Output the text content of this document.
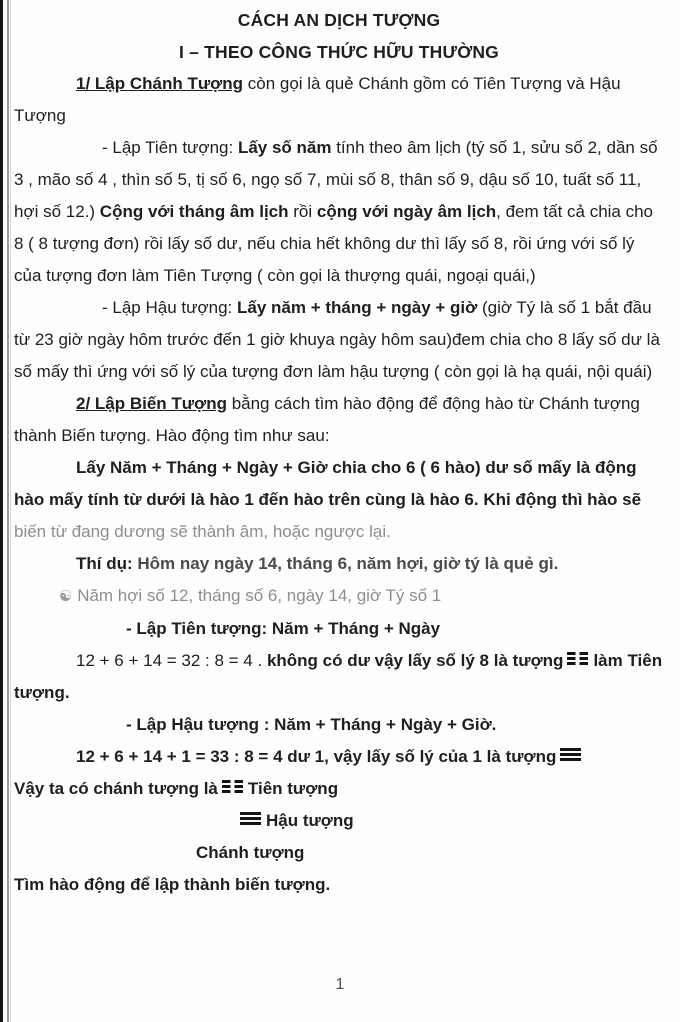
CÁCH AN DỊCH TƯỢNG
I – THEO CÔNG THỨC HỮU THƯỜNG

1/ Lập Chánh Tượng còn gọi là quẻ Chánh gồm có Tiên Tượng và Hậu Tượng

- Lập Tiên tượng: Lấy số năm tính theo âm lịch (tý số 1, sửu số 2, dần số 3 , mão số 4 , thìn số 5, tị số 6, ngọ số 7, mùi số 8, thân số 9, dậu số 10, tuất số 11, hợi số 12.) Cộng với tháng âm lịch rồi cộng với ngày âm lịch, đem tất cả chia cho 8 ( 8 tượng đơn) rồi lấy số dư, nếu chia hết không dư thì lấy số 8, rồi ứng với số lý của tượng đơn làm Tiên Tượng ( còn gọi là thượng quái, ngoại quái,)

- Lập Hậu tượng: Lấy năm + tháng + ngày + giờ (giờ Tý là số 1 bắt đầu từ 23 giờ ngày hôm trước đến 1 giờ khuya ngày hôm sau)đem chia cho 8 lấy số dư là số mấy thì ứng với số lý của tượng đơn làm hậu tượng ( còn gọi là hạ quái, nội quái)

2/ Lập Biến Tượng bằng cách tìm hào động để động hào từ Chánh tượng thành Biến tượng. Hào động tìm như sau:

Lấy Năm + Tháng + Ngày + Giờ chia cho 6 ( 6 hào) dư số mấy là động hào mấy tính từ dưới là hào 1 đến hào trên cùng là hào 6. Khi động thì hào sẽ biến từ đang dương sẽ thành âm, hoặc ngược lại.

Thí dụ: Hôm nay ngày 14, tháng 6, năm hợi, giờ tý là quẻ gì.

☯ Năm hợi số 12, tháng số 6, ngày 14, giờ Tý số 1

- Lập Tiên tượng: Năm + Tháng + Ngày

12 + 6 + 14 = 32 : 8 = 4 . không có dư vậy lấy số lý 8 là tượng làm Tiên tượng.

- Lập Hậu tượng : Năm + Tháng + Ngày + Giờ.

12 + 6 + 14 + 1 = 33 : 8 = 4 dư 1, vậy lấy số lý của 1 là tượng

Vậy ta có chánh tượng là Tiên tượng

Hậu tượng

Chánh tượng

Tìm hào động để lập thành biến tượng.

1
